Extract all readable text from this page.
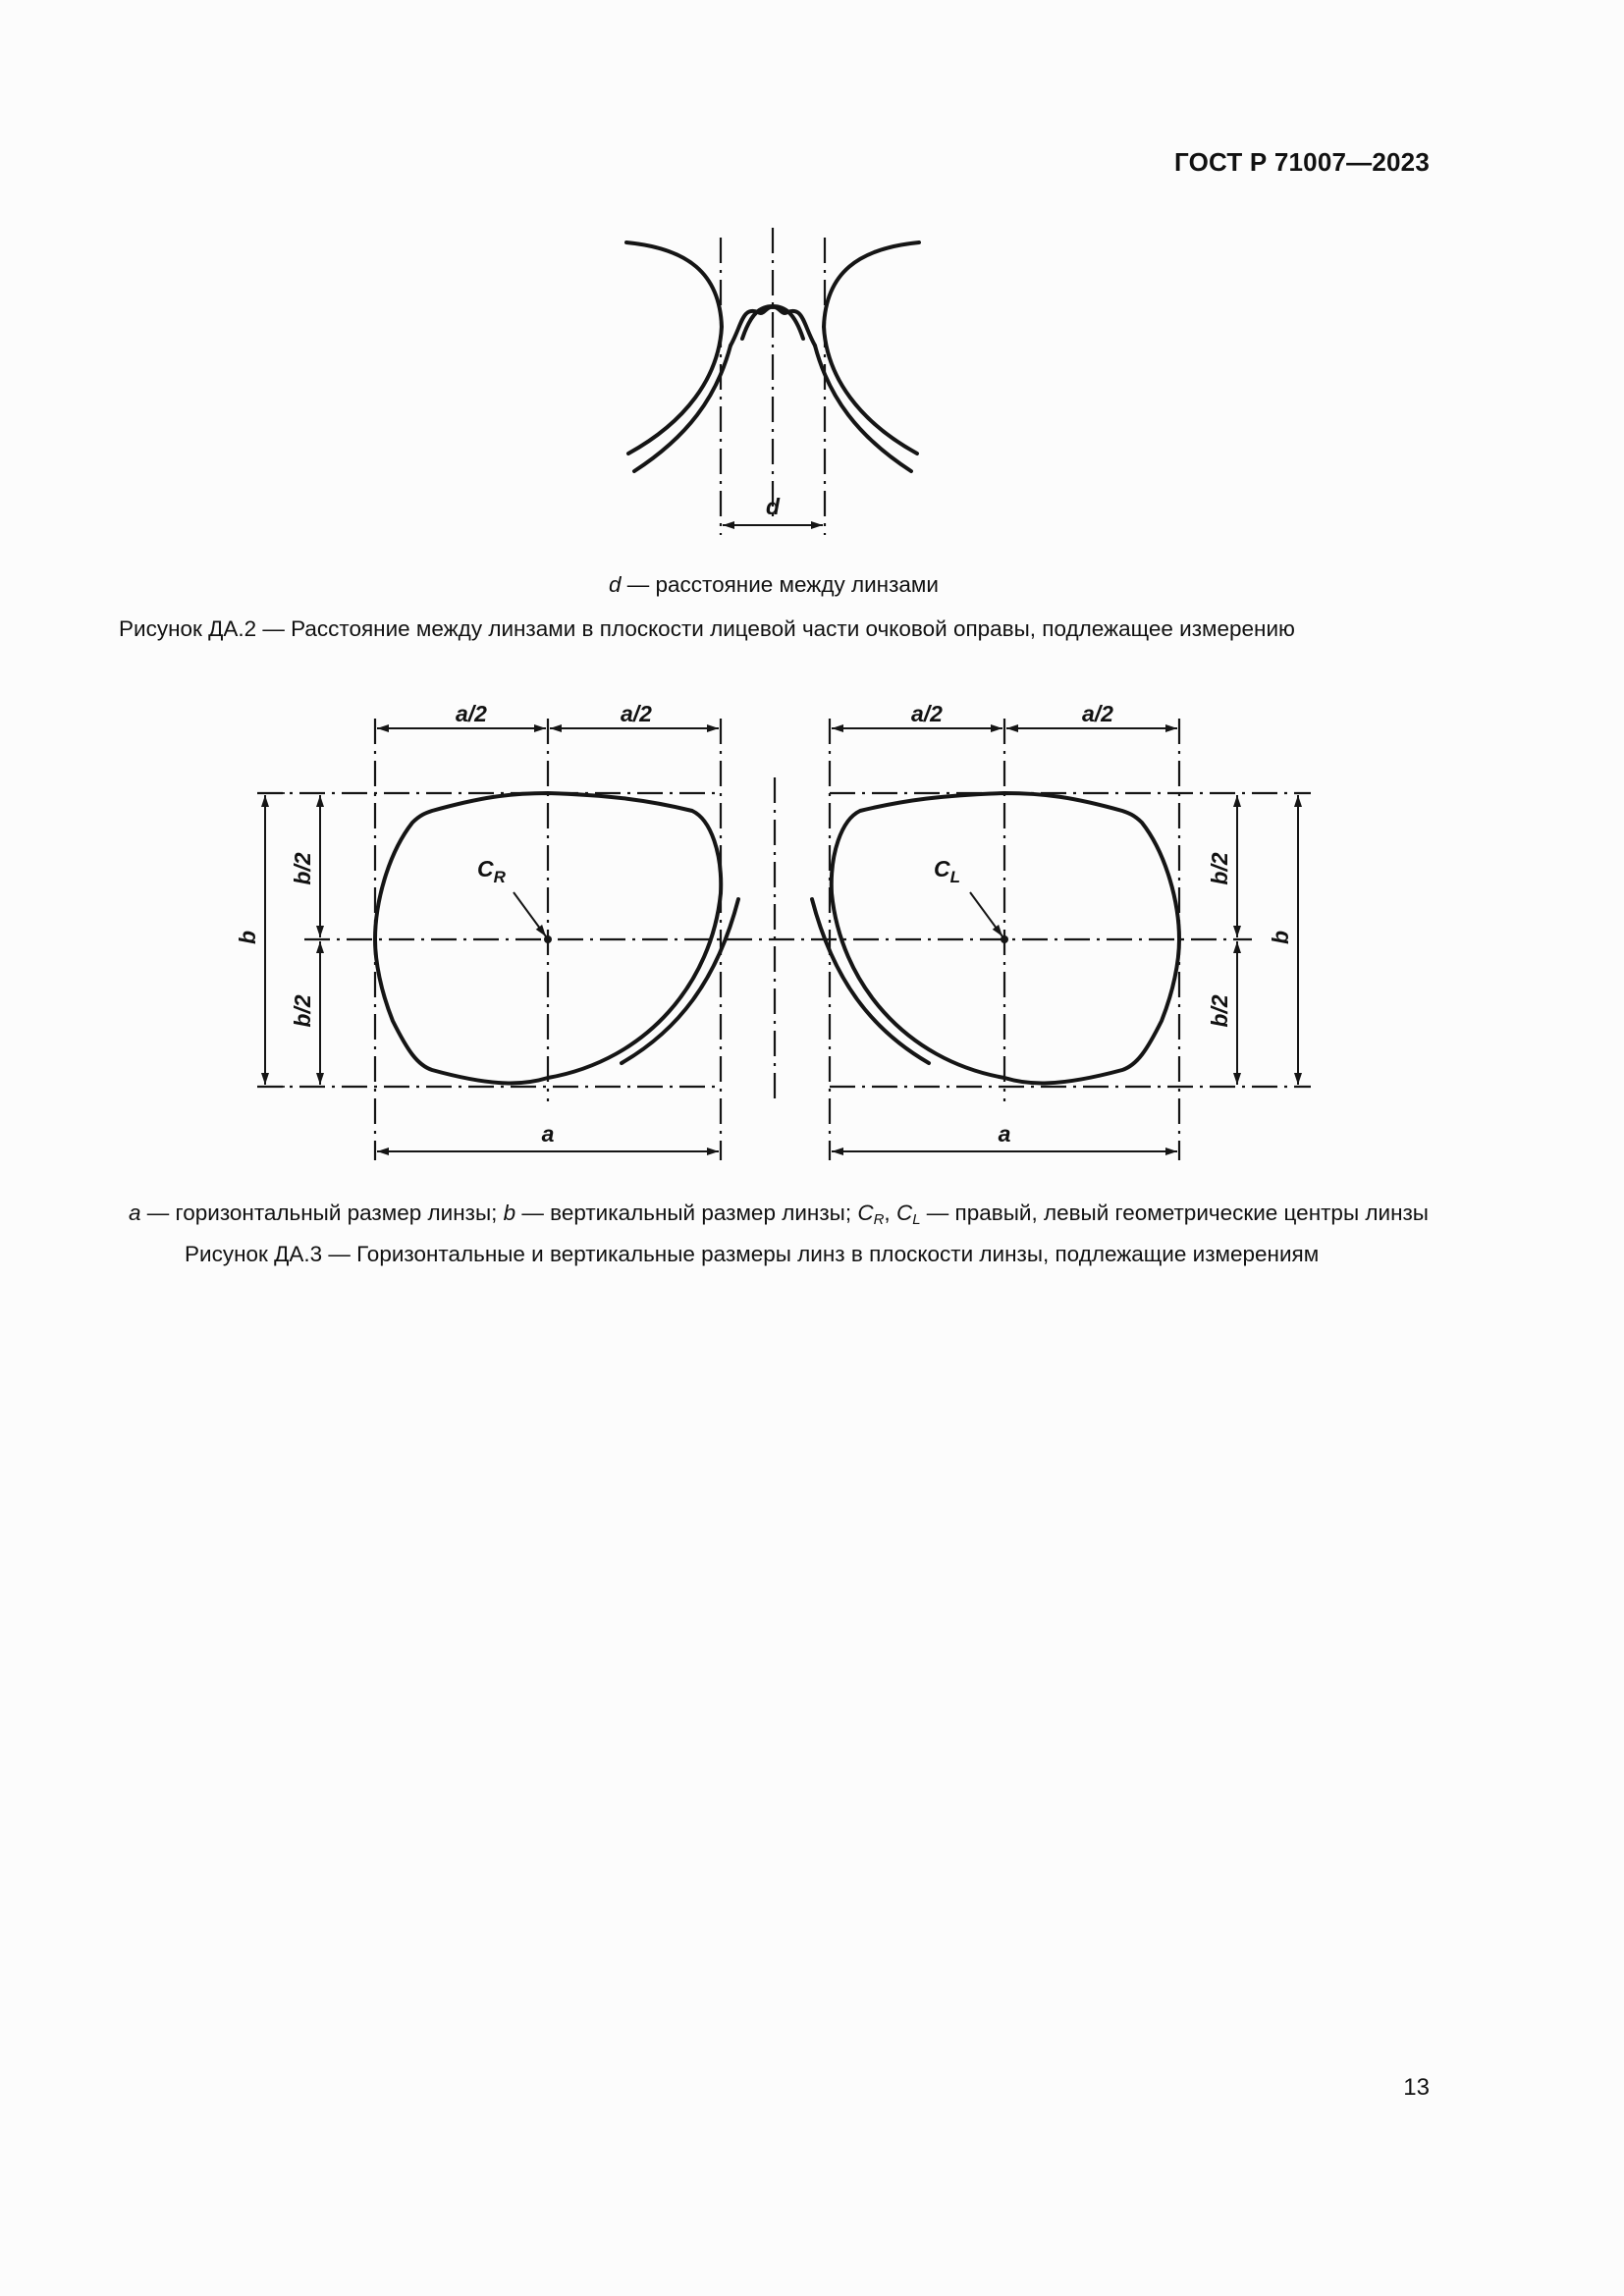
ГОСТ Р 71007—2023
d
d — расстояние между линзами
Рисунок ДА.2 — Расстояние между линзами в плоскости лицевой части очковой оправы, подлежащее измерению
$C_R$	$C_L$
a/2	a/2	a/2	a/2
a	a
b
b/2
b/2
b
b/2
b/2
a — горизонтальный размер линзы; b — вертикальный размер линзы; $C_R$, $C_L$ — правый, левый геометрические центры линзы
Рисунок ДА.3 — Горизонтальные и вертикальные размеры линз в плоскости линзы, подлежащие измерениям
13
